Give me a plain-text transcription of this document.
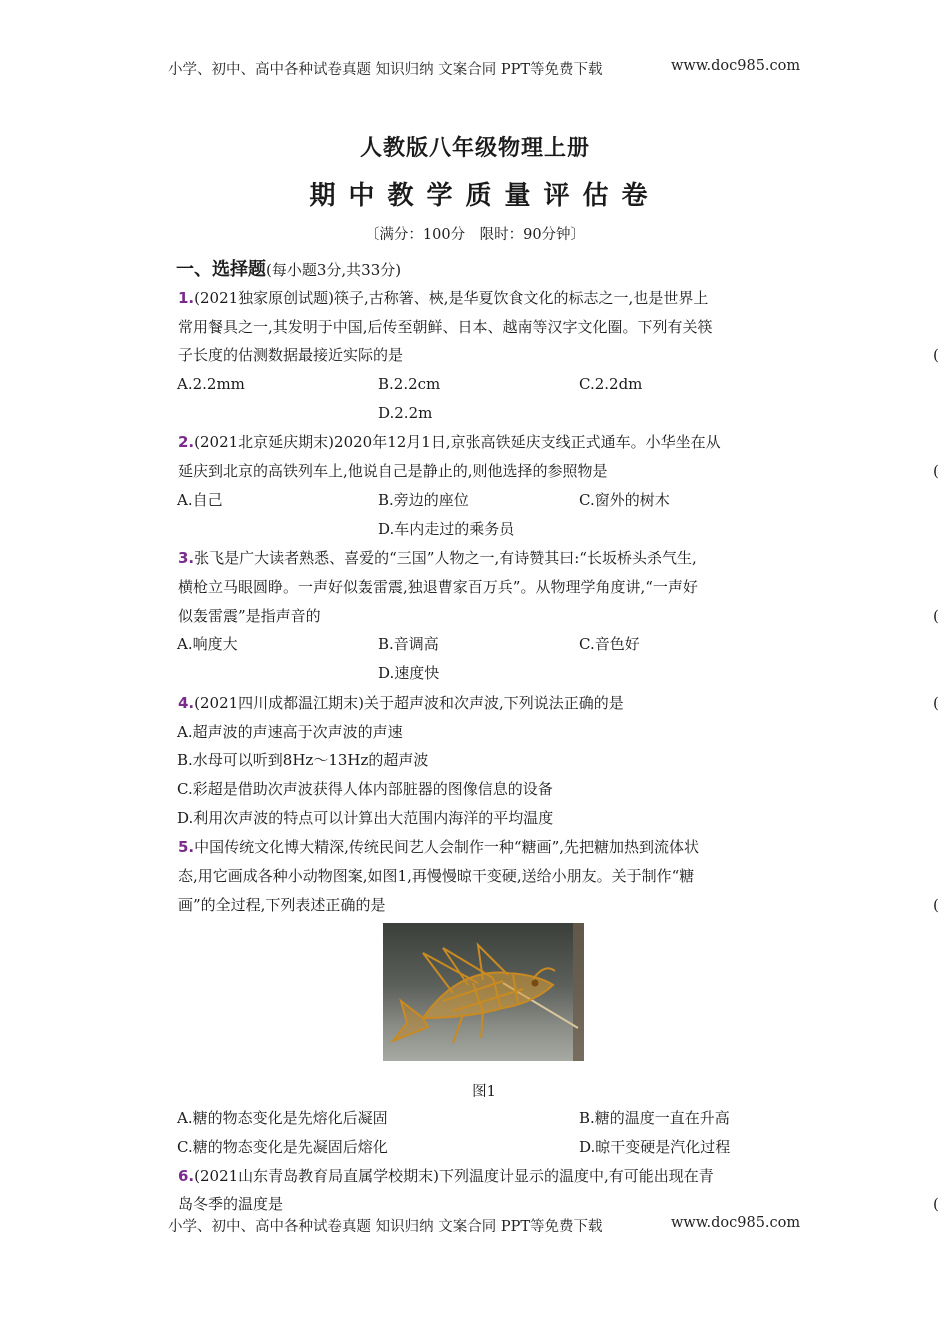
小学、初中、高中各种试卷真题 知识归纳 文案合同 PPT等免费下载	www.doc985.com
人教版八年级物理上册
期中教学质量评估卷
〔满分：100分　限时：90分钟〕
一、选择题(每小题3分,共33分)
1.(2021独家原创试题)筷子,古称箸、梜,是华夏饮食文化的标志之一,也是世界上
常用餐具之一,其发明于中国,后传至朝鲜、日本、越南等汉字文化圈。下列有关筷
子长度的估测数据最接近实际的是	(
A.2.2mm	B.2.2cm	C.2.2dm
D.2.2m
2.(2021北京延庆期末)2020年12月1日,京张高铁延庆支线正式通车。小华坐在从
延庆到北京的高铁列车上,他说自己是静止的,则他选择的参照物是	(
A.自己	B.旁边的座位	C.窗外的树木
D.车内走过的乘务员
3.张飞是广大读者熟悉、喜爱的“三国”人物之一,有诗赞其曰:“长坂桥头杀气生,
横枪立马眼圆睁。一声好似轰雷震,独退曹家百万兵”。从物理学角度讲,“一声好
似轰雷震”是指声音的	(
A.响度大	B.音调高	C.音色好
D.速度快
4.(2021四川成都温江期末)关于超声波和次声波,下列说法正确的是	(
A.超声波的声速高于次声波的声速
B.水母可以听到8Hz～13Hz的超声波
C.彩超是借助次声波获得人体内部脏器的图像信息的设备
D.利用次声波的特点可以计算出大范围内海洋的平均温度
5.中国传统文化博大精深,传统民间艺人会制作一种“糖画”,先把糖加热到流体状
态,用它画成各种小动物图案,如图1,再慢慢晾干变硬,送给小朋友。关于制作“糖
画”的全过程,下列表述正确的是	(
图1
A.糖的物态变化是先熔化后凝固	B.糖的温度一直在升高
C.糖的物态变化是先凝固后熔化	D.晾干变硬是汽化过程
6.(2021山东青岛教育局直属学校期末)下列温度计显示的温度中,有可能出现在青
岛冬季的温度是	(
小学、初中、高中各种试卷真题 知识归纳 文案合同 PPT等免费下载	www.doc985.com
